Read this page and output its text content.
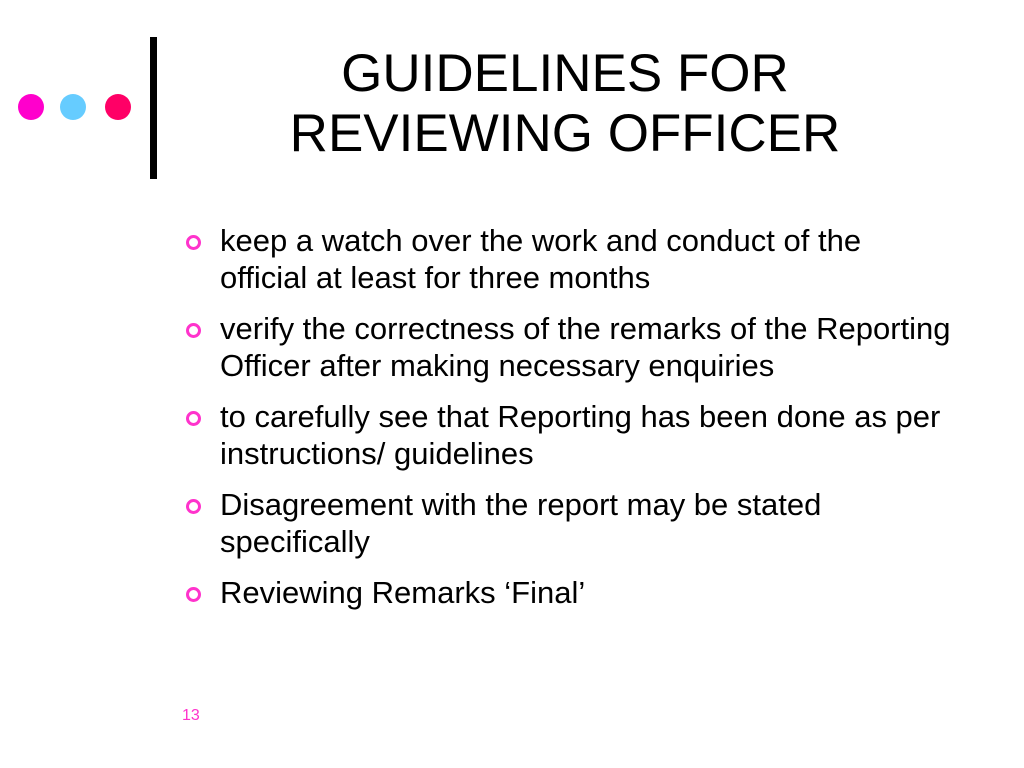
GUIDELINES FOR
REVIEWING OFFICER
keep a watch over the work and conduct of the official at least for three months
verify the correctness of the remarks of the Reporting Officer after making necessary enquiries
to carefully see that Reporting has been done as per instructions/ guidelines
Disagreement with the report may be stated specifically
Reviewing Remarks ‘Final’
13
